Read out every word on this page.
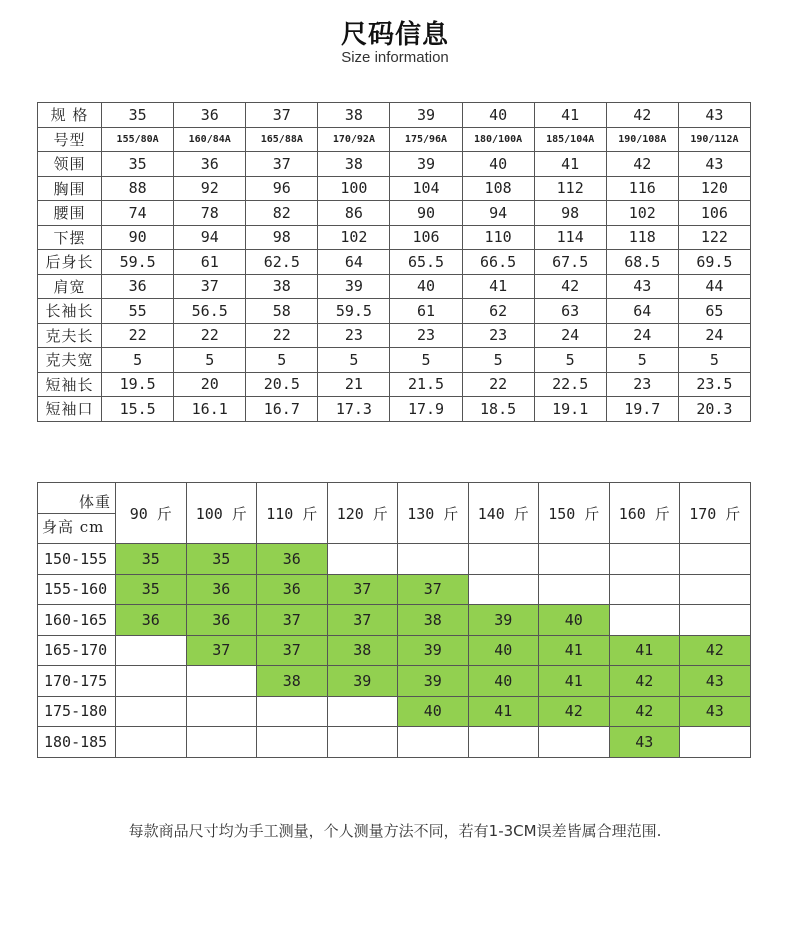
尺码信息
Size information
规 格	35	36	37	38	39	40	41	42	43
号型	155/80A	160/84A	165/88A	170/92A	175/96A	180/100A	185/104A	190/108A	190/112A
领围	35	36	37	38	39	40	41	42	43
胸围	88	92	96	100	104	108	112	116	120
腰围	74	78	82	86	90	94	98	102	106
下摆	90	94	98	102	106	110	114	118	122
后身长	59.5	61	62.5	64	65.5	66.5	67.5	68.5	69.5
肩宽	36	37	38	39	40	41	42	43	44
长袖长	55	56.5	58	59.5	61	62	63	64	65
克夫长	22	22	22	23	23	23	24	24	24
克夫宽	5	5	5	5	5	5	5	5	5
短袖长	19.5	20	20.5	21	21.5	22	22.5	23	23.5
短袖口	15.5	16.1	16.7	17.3	17.9	18.5	19.1	19.7	20.3
体重
身高 cm	90 斤	100 斤	110 斤	120 斤	130 斤	140 斤	150 斤	160 斤	170 斤
150-155	35	35	36						
155-160	35	36	36	37	37				
160-165	36	36	37	37	38	39	40		
165-170		37	37	38	39	40	41	41	42
170-175			38	39	39	40	41	42	43
175-180					40	41	42	42	43
180-185								43	
每款商品尺寸均为手工测量，个人测量方法不同，若有1-3CM误差皆属合理范围.
